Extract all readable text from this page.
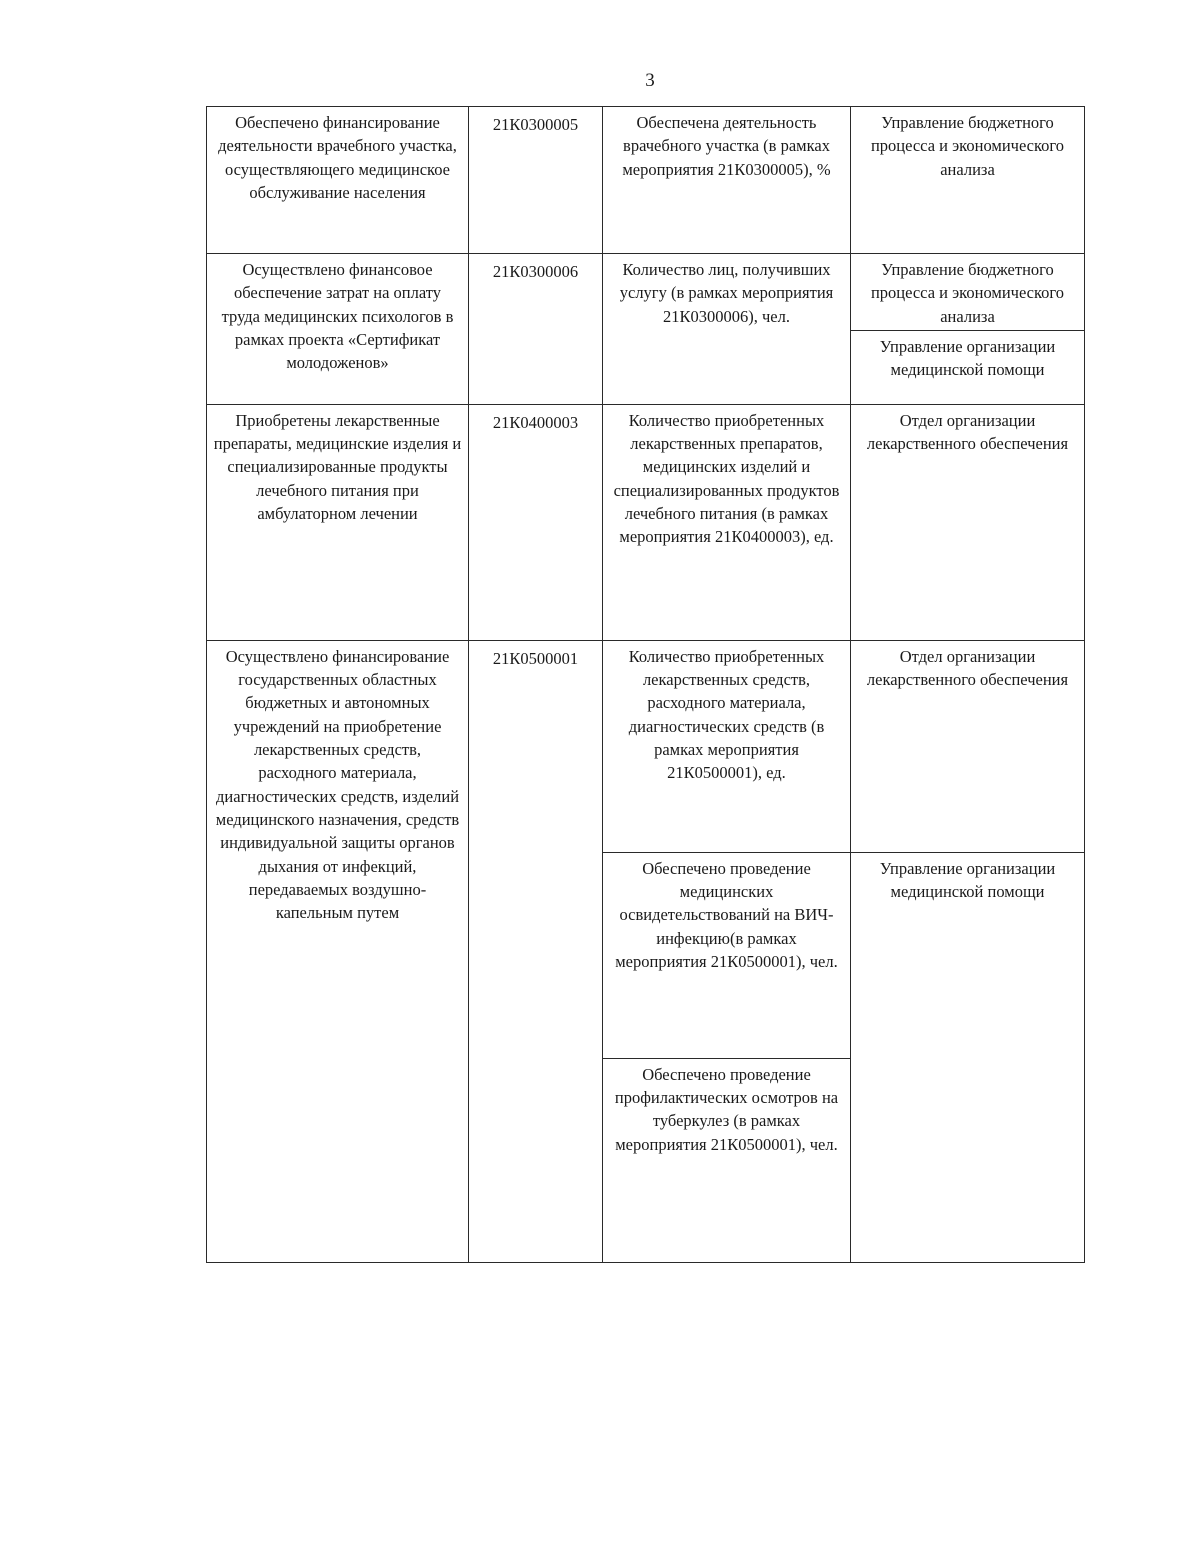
3
Обеспечено финансирование деятельности врачебного участка, осуществляющего медицинское обслуживание населения	21К0300005	Обеспечена деятельность врачебного участка (в рамках мероприятия 21К0300005), %	Управление бюджетного процесса и экономического анализа

Осуществлено финансовое обеспечение затрат на оплату труда медицинских психологов в рамках проекта «Сертификат молодоженов»	21К0300006	Количество лиц, получивших услугу (в рамках мероприятия 21К0300006), чел.	Управление бюджетного процесса и экономического анализа

			Управление организации медицинской помощи

Приобретены лекарственные препараты, медицинские изделия и специализированные продукты лечебного питания при амбулаторном лечении	21К0400003	Количество приобретенных лекарственных препаратов, медицинских изделий и специализированных продуктов лечебного питания (в рамках мероприятия 21К0400003), ед.	Отдел организации лекарственного обеспечения

Осуществлено финансирование государственных областных бюджетных и автономных учреждений на приобретение лекарственных средств, расходного материала, диагностических средств, изделий медицинского назначения, средств индивидуальной защиты органов дыхания от инфекций, передаваемых воздушно-капельным путем	21К0500001	Количество приобретенных лекарственных средств, расходного материала, диагностических средств (в рамках мероприятия 21К0500001), ед.	Отдел организации лекарственного обеспечения

		Обеспечено проведение медицинских освидетельствований на ВИЧ-инфекцию(в рамках мероприятия 21К0500001), чел.	Управление организации медицинской помощи

		Обеспечено проведение профилактических осмотров на туберкулез (в рамках мероприятия 21К0500001), чел.	
